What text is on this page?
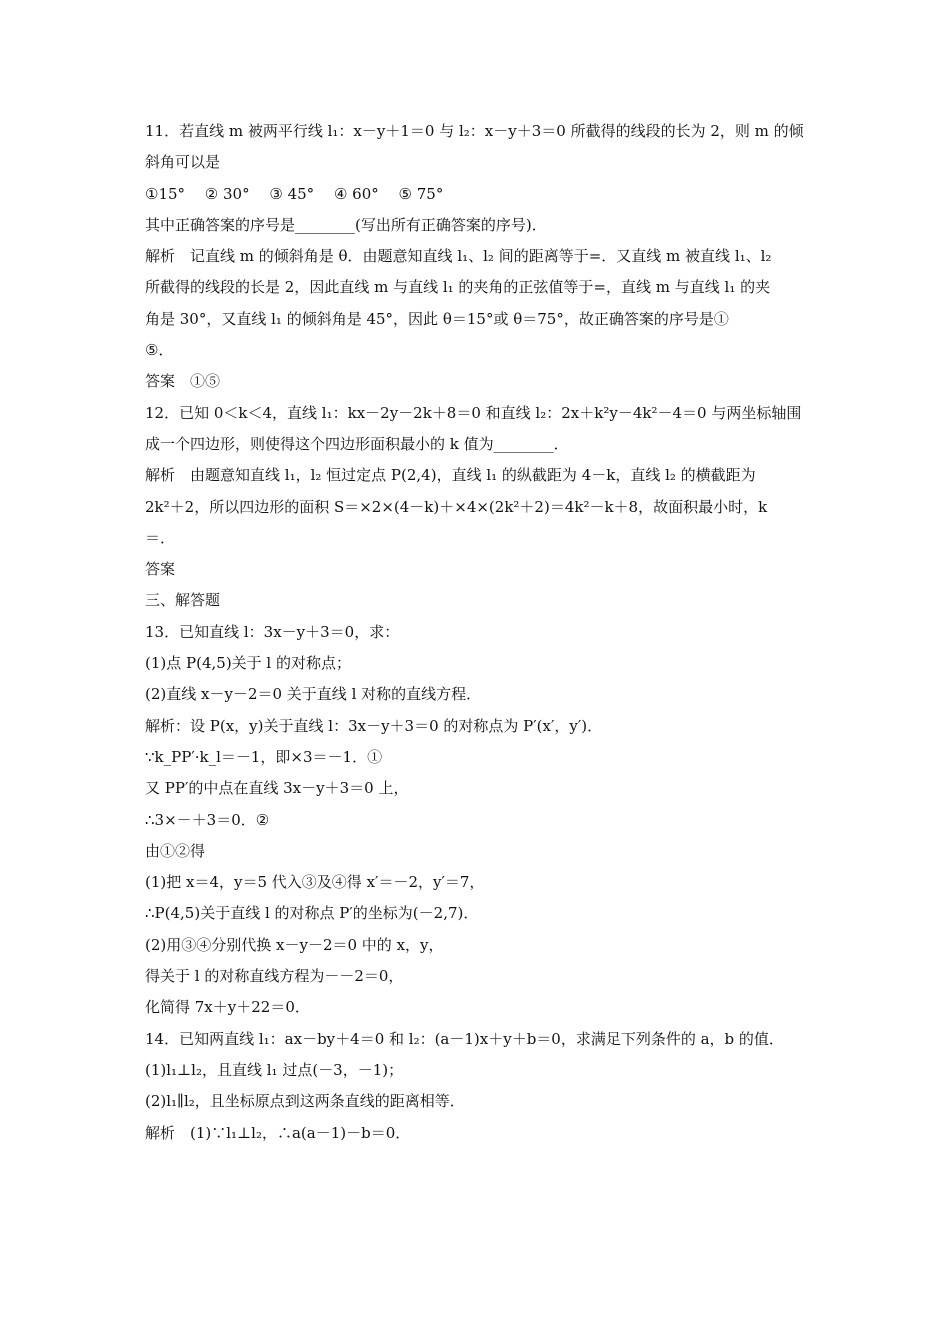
11．若直线 m 被两平行线 l₁：x－y＋1＝0 与 l₂：x－y＋3＝0 所截得的线段的长为 2，则 m 的倾
斜角可以是
①15°　 ② 30°　 ③ 45°　 ④ 60°　 ⑤ 75°
其中正确答案的序号是________(写出所有正确答案的序号)．
解析　记直线 m 的倾斜角是 θ．由题意知直线 l₁、l₂ 间的距离等于=．又直线 m 被直线 l₁、l₂
所截得的线段的长是 2，因此直线 m 与直线 l₁ 的夹角的正弦值等于=，直线 m 与直线 l₁ 的夹
角是 30°，又直线 l₁ 的倾斜角是 45°，因此 θ＝15°或 θ＝75°，故正确答案的序号是①
⑤．
答案　①⑤
12．已知 0＜k＜4，直线 l₁：kx－2y－2k＋8＝0 和直线 l₂：2x＋k²y－4k²－4＝0 与两坐标轴围
成一个四边形，则使得这个四边形面积最小的 k 值为________．
解析　由题意知直线 l₁，l₂ 恒过定点 P(2,4)，直线 l₁ 的纵截距为 4－k，直线 l₂ 的横截距为
2k²＋2，所以四边形的面积 S＝×2×(4－k)＋×4×(2k²＋2)＝4k²－k＋8，故面积最小时，k
＝．
答案
三、解答题
13．已知直线 l：3x－y＋3＝0，求：
(1)点 P(4,5)关于 l 的对称点；
(2)直线 x－y－2＝0 关于直线 l 对称的直线方程．
解析：设 P(x，y)关于直线 l：3x－y＋3＝0 的对称点为 P′(x′，y′)．
∵k_PP′·k_l＝－1，即×3＝－1．①
又 PP′的中点在直线 3x－y＋3＝0 上，
∴3×－＋3＝0．②
由①②得
(1)把 x＝4，y＝5 代入③及④得 x′＝－2，y′＝7，
∴P(4,5)关于直线 l 的对称点 P′的坐标为(－2,7)．
(2)用③④分别代换 x－y－2＝0 中的 x，y，
得关于 l 的对称直线方程为－－2＝0，
化简得 7x＋y＋22＝0．
14．已知两直线 l₁：ax－by＋4＝0 和 l₂：(a－1)x＋y＋b＝0，求满足下列条件的 a，b 的值．
(1)l₁⊥l₂，且直线 l₁ 过点(－3，－1)；
(2)l₁∥l₂，且坐标原点到这两条直线的距离相等．
解析　(1)∵l₁⊥l₂，∴a(a－1)－b＝0．
